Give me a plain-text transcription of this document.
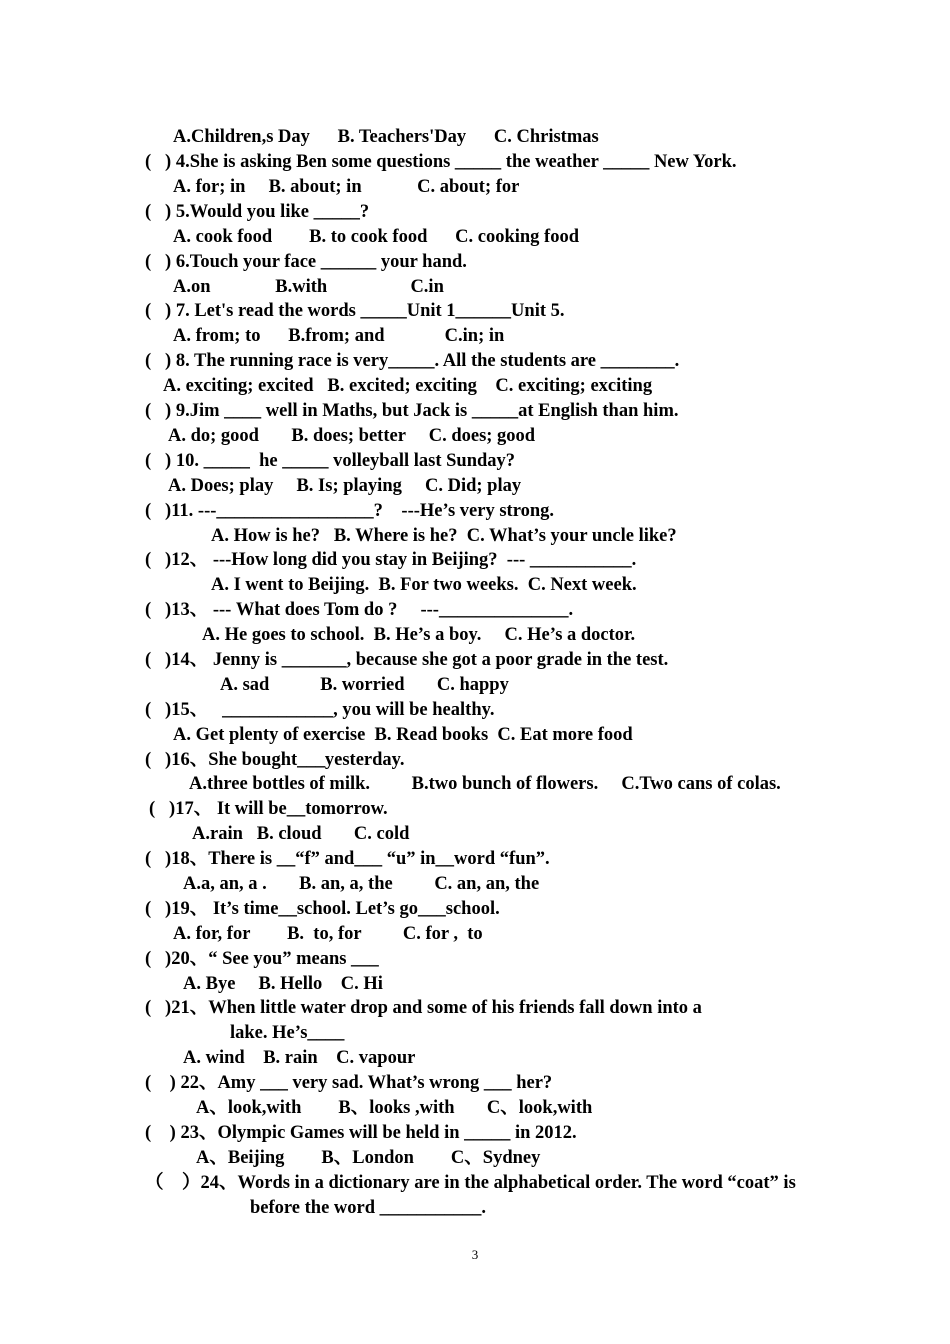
A.Children,s Day      B. Teachers'Day      C. Christmas
(   ) 4.She is asking Ben some questions _____ the weather _____ New York.
A. for; in     B. about; in            C. about; for
(   ) 5.Would you like _____?
A. cook food        B. to cook food      C. cooking food
(   ) 6.Touch your face ______ your hand.
A.on              B.with                  C.in
(   ) 7. Let's read the words _____Unit 1______Unit 5.
A. from; to      B.from; and             C.in; in
(   ) 8. The running race is very_____. All the students are ________.
A. exciting; excited   B. excited; exciting    C. exciting; exciting
(   ) 9.Jim ____ well in Maths, but Jack is _____at English than him.
A. do; good       B. does; better     C. does; good
(   ) 10. _____  he _____ volleyball last Sunday?
A. Does; play     B. Is; playing     C. Did; play
(   )11. ---_________________?    ---He’s very strong.
A. How is he?   B. Where is he?  C. What’s your uncle like?
(   )12、 ---How long did you stay in Beijing?  --- ___________.
A. I went to Beijing.  B. For two weeks.  C. Next week.
(   )13、 --- What does Tom do ?     ---______________.
A. He goes to school.  B. He’s a boy.     C. He’s a doctor.
(   )14、 Jenny is _______, because she got a poor grade in the test.
A. sad           B. worried       C. happy
(   )15、   ____________, you will be healthy.
A. Get plenty of exercise  B. Read books  C. Eat more food
(   )16、She bought___yesterday.
A.three bottles of milk.         B.two bunch of flowers.     C.Two cans of colas.
(   )17、 It will be__tomorrow.
A.rain   B. cloud       C. cold
(   )18、There is __“f” and___ “u” in__word “fun”.
A.a, an, a .       B. an, a, the         C. an, an, the
(   )19、 It’s time__school. Let’s go___school.
A. for, for        B.  to, for         C. for ,  to
(   )20、“ See you” means ___
A. Bye     B. Hello    C. Hi
(   )21、When little water drop and some of his friends fall down into a
lake. He’s____
A. wind    B. rain    C. vapour
(    ) 22、Amy ___ very sad. What’s wrong ___ her?
A、look,with        B、looks ,with       C、look,with
(    ) 23、Olympic Games will be held in _____ in 2012.
A、Beijing        B、London        C、Sydney
（    ）24、Words in a dictionary are in the alphabetical order. The word “coat” is
before the word ___________.
3
